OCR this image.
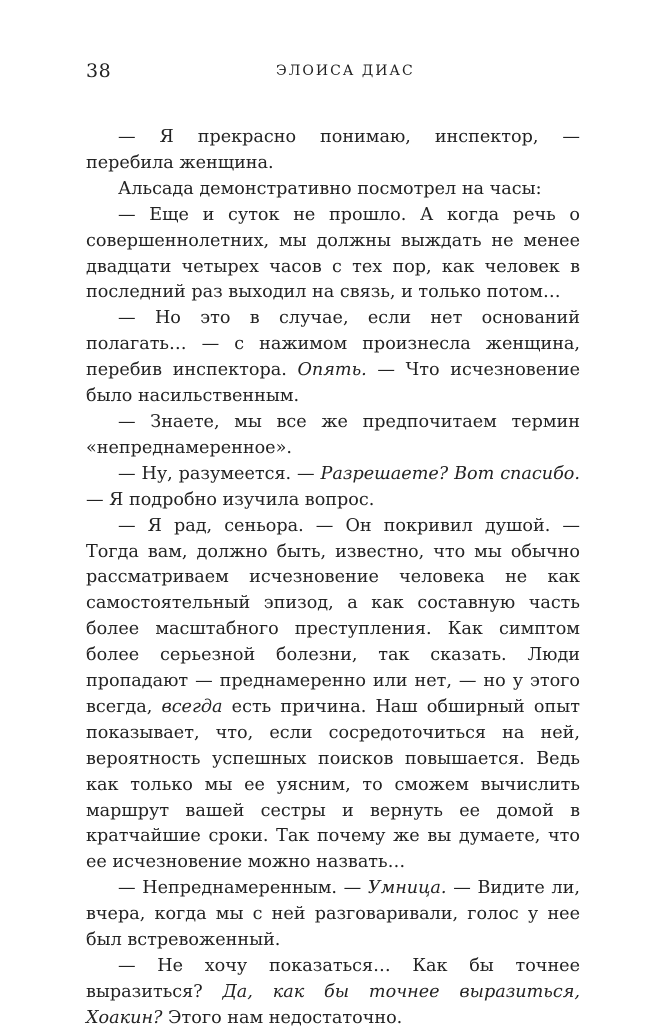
38	ЭЛОИСА ДИАС

— Я прекрасно понимаю, инспектор, — перебила женщина.

Альсада демонстративно посмотрел на часы:

— Еще и суток не прошло. А когда речь о совершеннолетних, мы должны выждать не менее двадцати четырех часов с тех пор, как человек в последний раз выходил на связь, и только потом…

— Но это в случае, если нет оснований полагать… — с нажимом произнесла женщина, перебив инспектора. Опять. — Что исчезновение было насильственным.

— Знаете, мы все же предпочитаем термин «непреднамеренное».

— Ну, разумеется. — Разрешаете? Вот спасибо. — Я подробно изучила вопрос.

— Я рад, сеньора. — Он покривил душой. — Тогда вам, должно быть, известно, что мы обычно рассматриваем исчезновение человека не как самостоятельный эпизод, а как составную часть более масштабного преступления. Как симптом более серьезной болезни, так сказать. Люди пропадают — преднамеренно или нет, — но у этого всегда, всегда есть причина. Наш обширный опыт показывает, что, если сосредоточиться на ней, вероятность успешных поисков повышается. Ведь как только мы ее уясним, то сможем вычислить маршрут вашей сестры и вернуть ее домой в кратчайшие сроки. Так почему же вы думаете, что ее исчезновение можно назвать…

— Непреднамеренным. — Умница. — Видите ли, вчера, когда мы с ней разговаривали, голос у нее был встревоженный.

— Не хочу показаться… Как бы точнее выразиться? Да, как бы точнее выразиться, Хоакин? Этого нам недостаточно.
